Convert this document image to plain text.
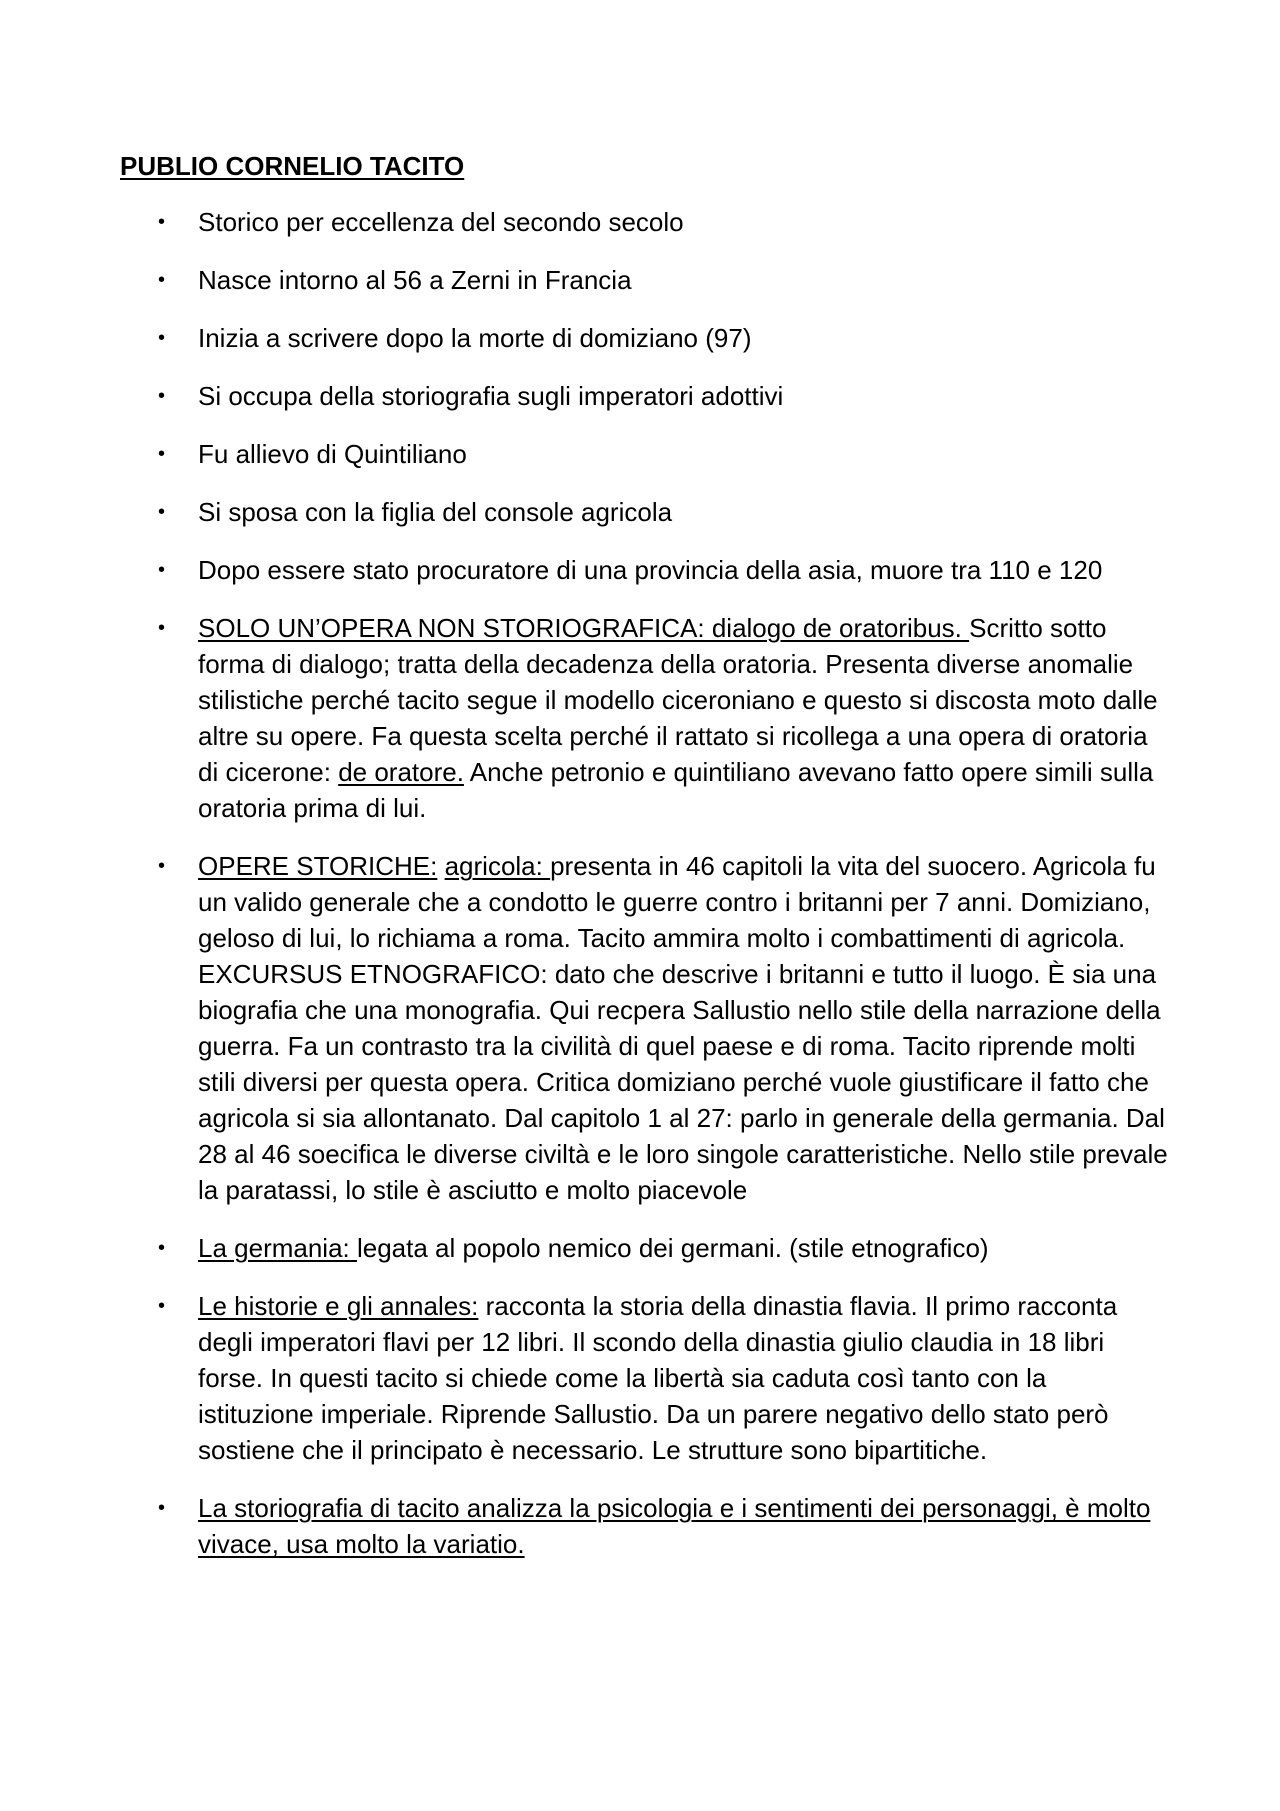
PUBLIO CORNELIO TACITO
• Storico per eccellenza del secondo secolo
• Nasce intorno al 56 a Zerni in Francia
• Inizia a scrivere dopo la morte di domiziano (97)
• Si occupa della storiografia sugli imperatori adottivi
• Fu allievo di Quintiliano
• Si sposa con la figlia del console agricola
• Dopo essere stato procuratore di una provincia della asia, muore tra 110 e 120
• SOLO UN’OPERA NON STORIOGRAFICA: dialogo de oratoribus. Scritto sotto forma di dialogo; tratta della decadenza della oratoria. Presenta diverse anomalie stilistiche perché tacito segue il modello ciceroniano e questo si discosta moto dalle altre su opere. Fa questa scelta perché il rattato si ricollega a una opera di oratoria di cicerone: de oratore. Anche petronio e quintiliano avevano fatto opere simili sulla oratoria prima di lui.
• OPERE STORICHE: agricola: presenta in 46 capitoli la vita del suocero. Agricola fu un valido generale che a condotto le guerre contro i britanni per 7 anni. Domiziano, geloso di lui, lo richiama a roma. Tacito ammira molto i combattimenti di agricola. EXCURSUS ETNOGRAFICO: dato che descrive i britanni e tutto il luogo. È sia una biografia che una monografia. Qui recpera Sallustio nello stile della narrazione della guerra. Fa un contrasto tra la civilità di quel paese e di roma. Tacito riprende molti stili diversi per questa opera. Critica domiziano perché vuole giustificare il fatto che agricola si sia allontanato. Dal capitolo 1 al 27: parlo in generale della germania. Dal 28 al 46 soecifica le diverse civiltà e le loro singole caratteristiche. Nello stile prevale la paratassi, lo stile è asciutto e molto piacevole
• La germania: legata al popolo nemico dei germani. (stile etnografico)
• Le historie e gli annales: racconta la storia della dinastia flavia. Il primo racconta degli imperatori flavi per 12 libri. Il scondo della dinastia giulio claudia in 18 libri forse. In questi tacito si chiede come la libertà sia caduta così tanto con la istituzione imperiale. Riprende Sallustio. Da un parere negativo dello stato però sostiene che il principato è necessario. Le strutture sono bipartitiche.
• La storiografia di tacito analizza la psicologia e i sentimenti dei personaggi, è molto vivace, usa molto la variatio.
